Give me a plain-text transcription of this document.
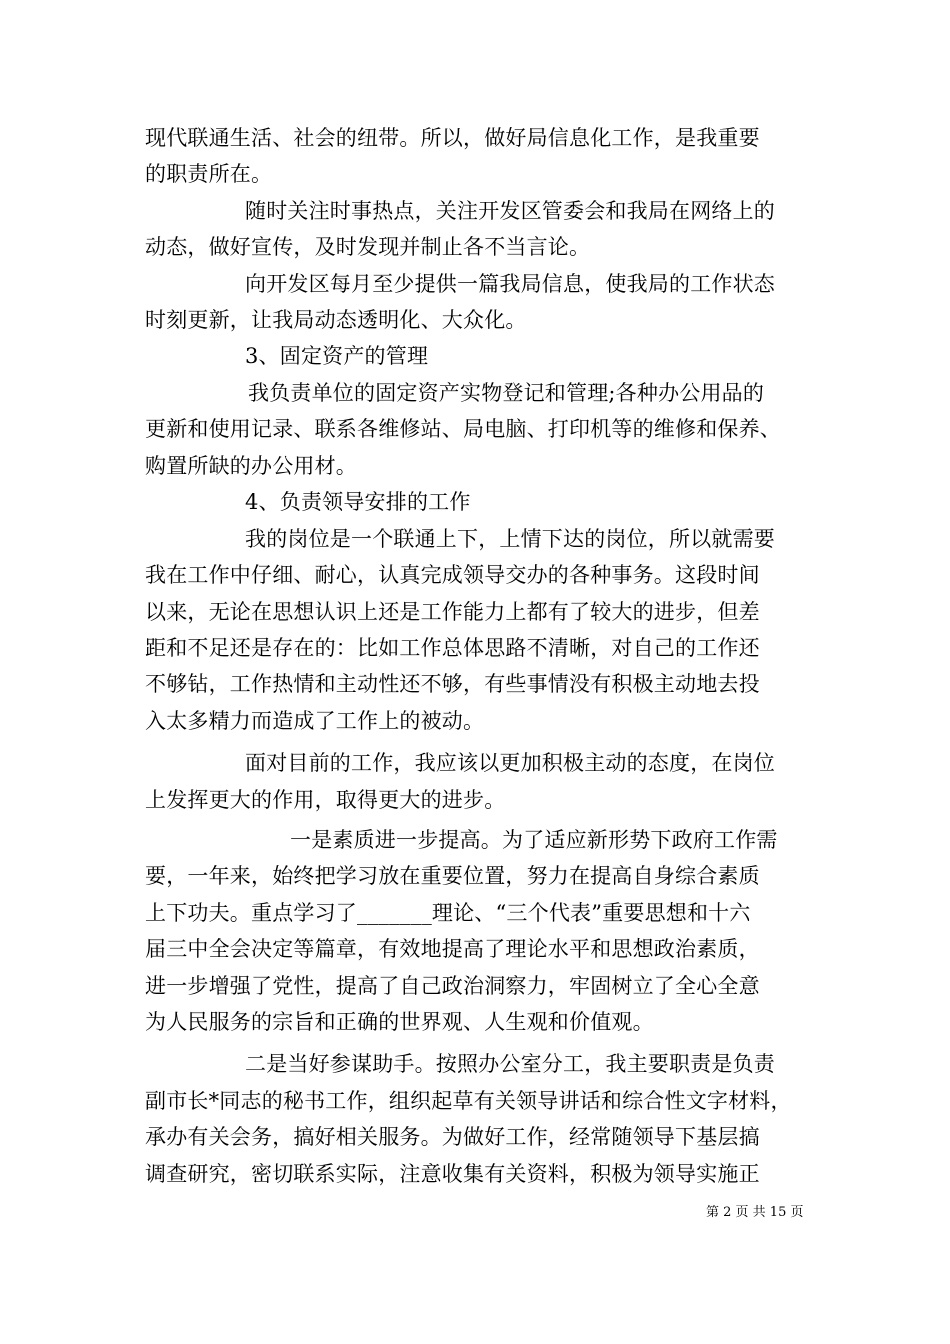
现代联通生活、社会的纽带。所以，做好局信息化工作，是我重要
的职责所在。
随时关注时事热点，关注开发区管委会和我局在网络上的
动态，做好宣传，及时发现并制止各不当言论。
向开发区每月至少提供一篇我局信息，使我局的工作状态
时刻更新，让我局动态透明化、大众化。
3、固定资产的管理
我负责单位的固定资产实物登记和管理;各种办公用品的
更新和使用记录、联系各维修站、局电脑、打印机等的维修和保养、
购置所缺的办公用材。
4、负责领导安排的工作
我的岗位是一个联通上下，上情下达的岗位，所以就需要
我在工作中仔细、耐心，认真完成领导交办的各种事务。这段时间
以来，无论在思想认识上还是工作能力上都有了较大的进步，但差
距和不足还是存在的：比如工作总体思路不清晰，对自己的工作还
不够钻，工作热情和主动性还不够，有些事情没有积极主动地去投
入太多精力而造成了工作上的被动。
面对目前的工作，我应该以更加积极主动的态度，在岗位
上发挥更大的作用，取得更大的进步。
一是素质进一步提高。为了适应新形势下政府工作需
要，一年来，始终把学习放在重要位置，努力在提高自身综合素质
上下功夫。重点学习了_______理论、“三个代表”重要思想和十六
届三中全会决定等篇章，有效地提高了理论水平和思想政治素质，
进一步增强了党性，提高了自己政治洞察力，牢固树立了全心全意
为人民服务的宗旨和正确的世界观、人生观和价值观。
二是当好参谋助手。按照办公室分工，我主要职责是负责
副市长*同志的秘书工作，组织起草有关领导讲话和综合性文字材料，
承办有关会务，搞好相关服务。为做好工作，经常随领导下基层搞
调查研究，密切联系实际，注意收集有关资料，积极为领导实施正
第 2 页 共 15 页
